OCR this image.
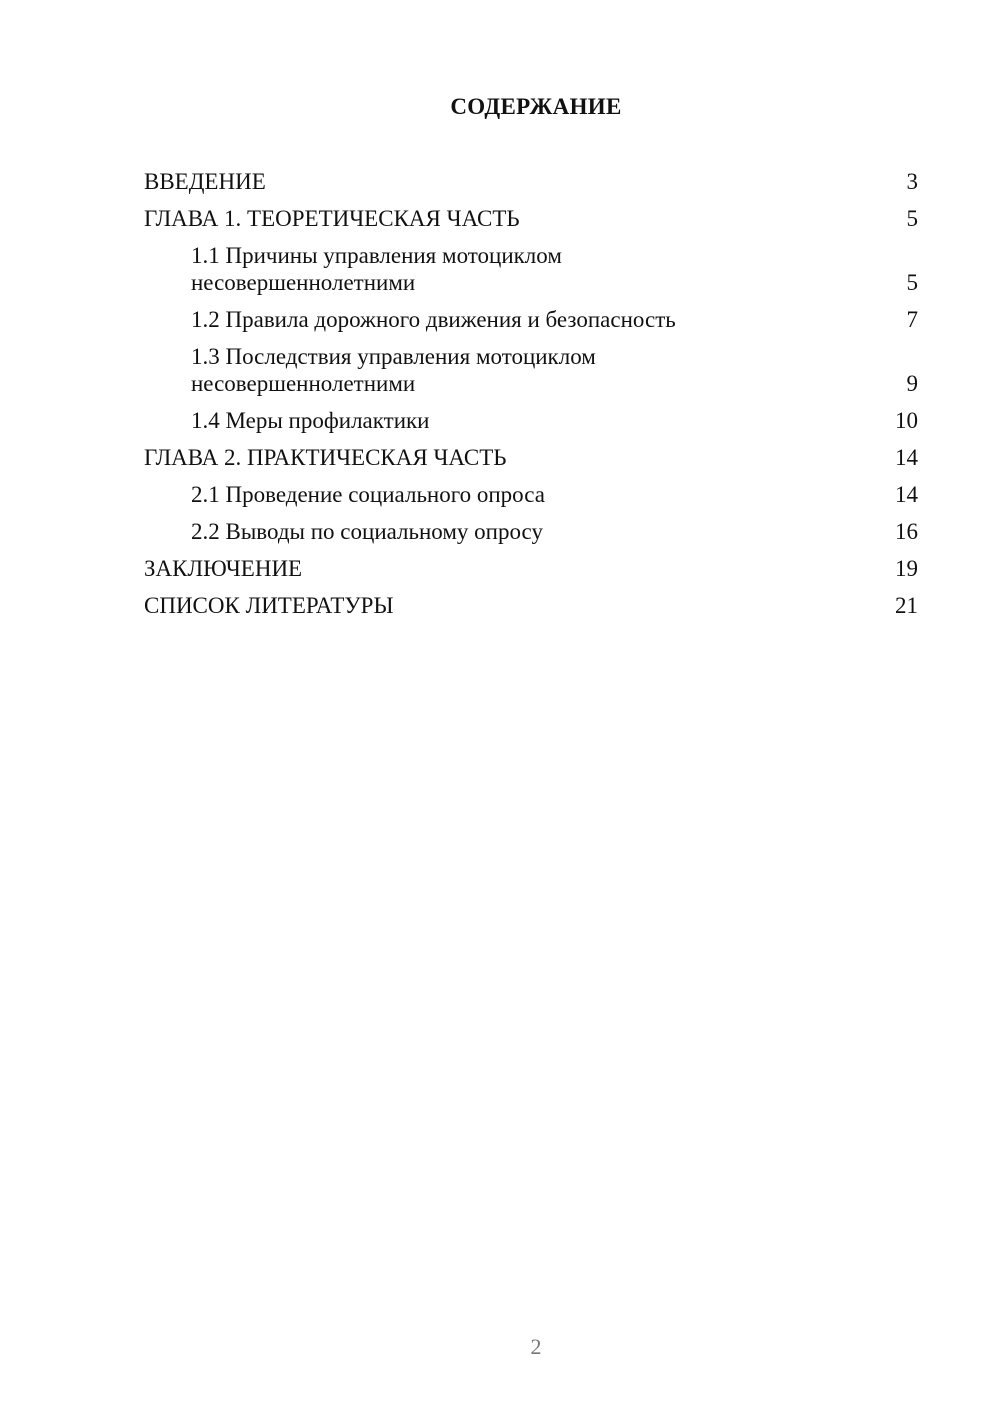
СОДЕРЖАНИЕ
ВВЕДЕНИЕ	3
ГЛАВА 1. ТЕОРЕТИЧЕСКАЯ ЧАСТЬ	5
1.1 Причины управления мотоциклом
несовершеннолетними	5
1.2 Правила дорожного движения и безопасность	7
1.3 Последствия управления мотоциклом
несовершеннолетними	9
1.4 Меры профилактики	10
ГЛАВА 2. ПРАКТИЧЕСКАЯ ЧАСТЬ	14
2.1 Проведение социального опроса	14
2.2 Выводы по социальному опросу	16
ЗАКЛЮЧЕНИЕ	19
СПИСОК ЛИТЕРАТУРЫ	21
2
